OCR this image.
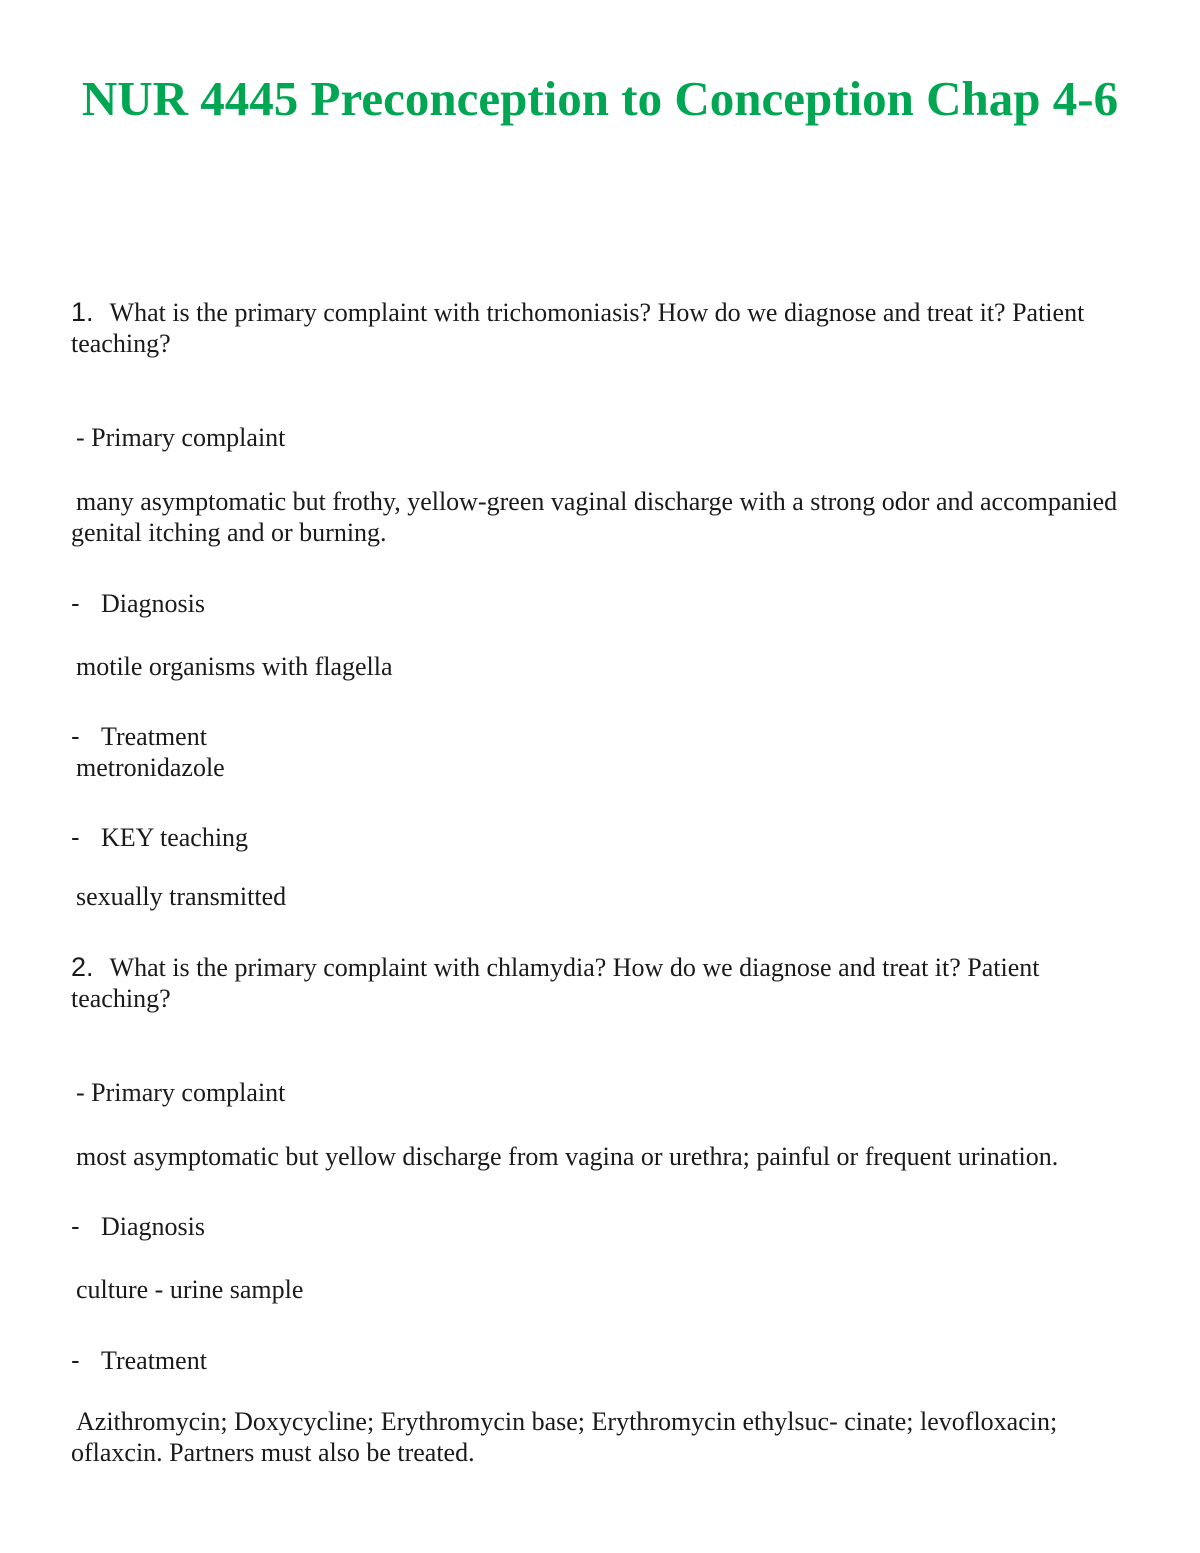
NUR 4445 Preconception to Conception Chap 4-6

1. What is the primary complaint with trichomoniasis? How do we diagnose and treat it? Patient teaching?

- Primary complaint

many asymptomatic but frothy, yellow-green vaginal discharge with a strong odor and accompanied genital itching and or burning.

- Diagnosis

motile organisms with flagella

- Treatment

metronidazole

- KEY teaching

sexually transmitted

2. What is the primary complaint with chlamydia? How do we diagnose and treat it? Patient teaching?

- Primary complaint

most asymptomatic but yellow discharge from vagina or urethra; painful or frequent urination.

- Diagnosis

culture - urine sample

- Treatment

Azithromycin; Doxycycline; Erythromycin base; Erythromycin ethylsuc- cinate; levofloxacin; oflaxcin. Partners must also be treated.
